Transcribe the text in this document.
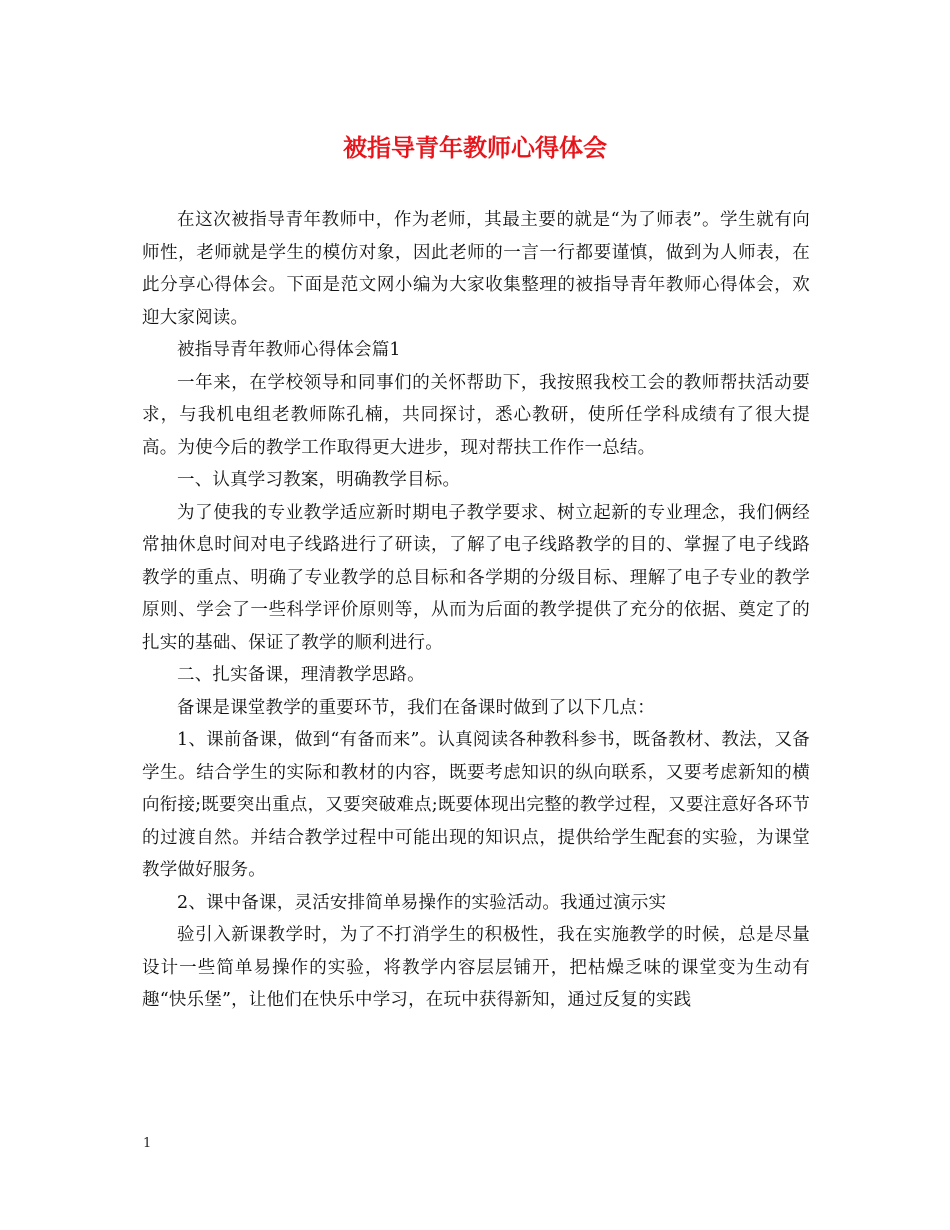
被指导青年教师心得体会

在这次被指导青年教师中，作为老师，其最主要的就是“为了师表”。学生就有向师性，老师就是学生的模仿对象，因此老师的一言一行都要谨慎，做到为人师表，在此分享心得体会。下面是范文网小编为大家收集整理的被指导青年教师心得体会，欢迎大家阅读。

被指导青年教师心得体会篇1

一年来，在学校领导和同事们的关怀帮助下，我按照我校工会的教师帮扶活动要求，与我机电组老教师陈孔楠，共同探讨，悉心教研，使所任学科成绩有了很大提高。为使今后的教学工作取得更大进步，现对帮扶工作作一总结。

一、认真学习教案，明确教学目标。

为了使我的专业教学适应新时期电子教学要求、树立起新的专业理念，我们俩经常抽休息时间对电子线路进行了研读，了解了电子线路教学的目的、掌握了电子线路教学的重点、明确了专业教学的总目标和各学期的分级目标、理解了电子专业的教学原则、学会了一些科学评价原则等，从而为后面的教学提供了充分的依据、奠定了的扎实的基础、保证了教学的顺利进行。

二、扎实备课，理清教学思路。

备课是课堂教学的重要环节，我们在备课时做到了以下几点：

1、课前备课，做到“有备而来”。认真阅读各种教科参书，既备教材、教法，又备学生。结合学生的实际和教材的内容，既要考虑知识的纵向联系，又要考虑新知的横向衔接;既要突出重点，又要突破难点;既要体现出完整的教学过程，又要注意好各环节的过渡自然。并结合教学过程中可能出现的知识点，提供给学生配套的实验，为课堂教学做好服务。

2、课中备课，灵活安排简单易操作的实验活动。我通过演示实

验引入新课教学时，为了不打消学生的积极性，我在实施教学的时候，总是尽量设计一些简单易操作的实验，将教学内容层层铺开，把枯燥乏味的课堂变为生动有趣“快乐堡”，让他们在快乐中学习，在玩中获得新知，通过反复的实践

1
